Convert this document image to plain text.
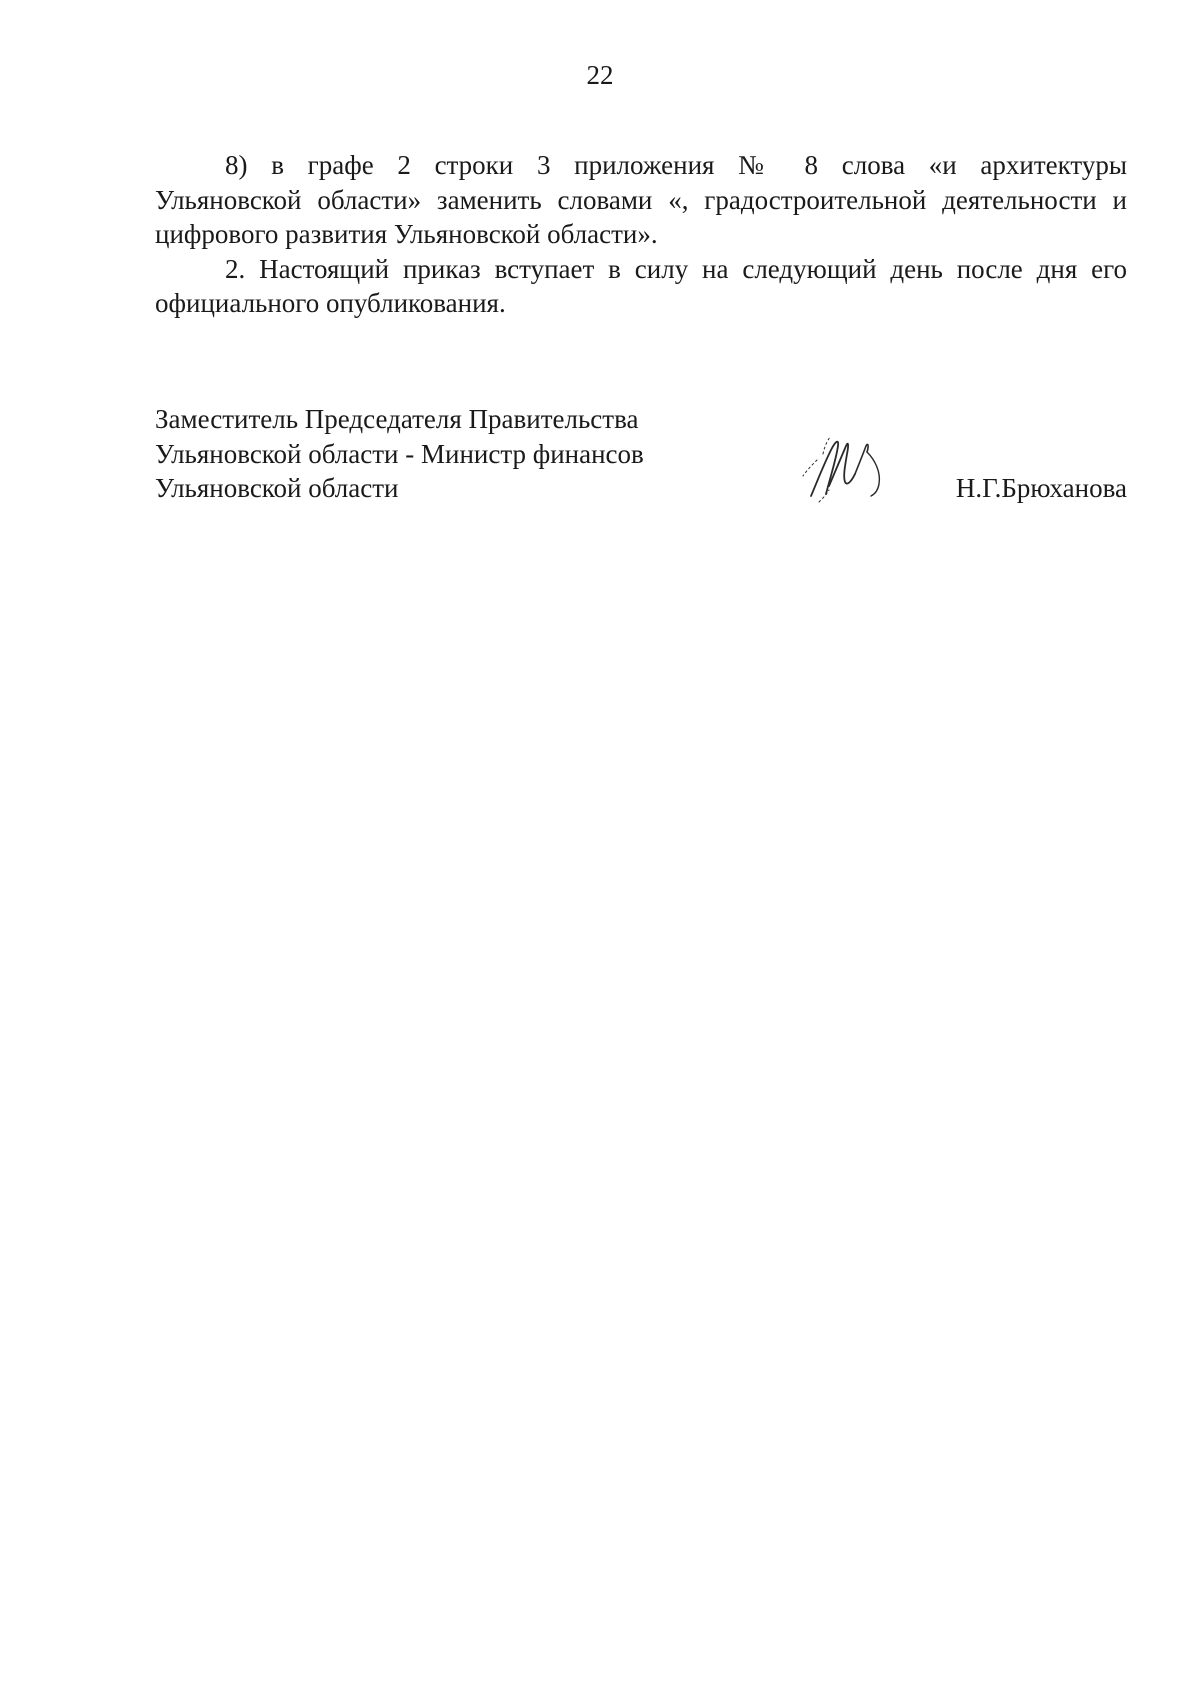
22

8) в графе 2 строки 3 приложения № 8 слова «и архитектуры
Ульяновской области» заменить словами «, градостроительной деятельности и цифрового развития Ульяновской области».

2. Настоящий приказ вступает в силу на следующий день после дня его
официального опубликования.

Заместитель Председателя Правительства
Ульяновской области - Министр финансов
Ульяновской области	Н.Г.Брюханова
